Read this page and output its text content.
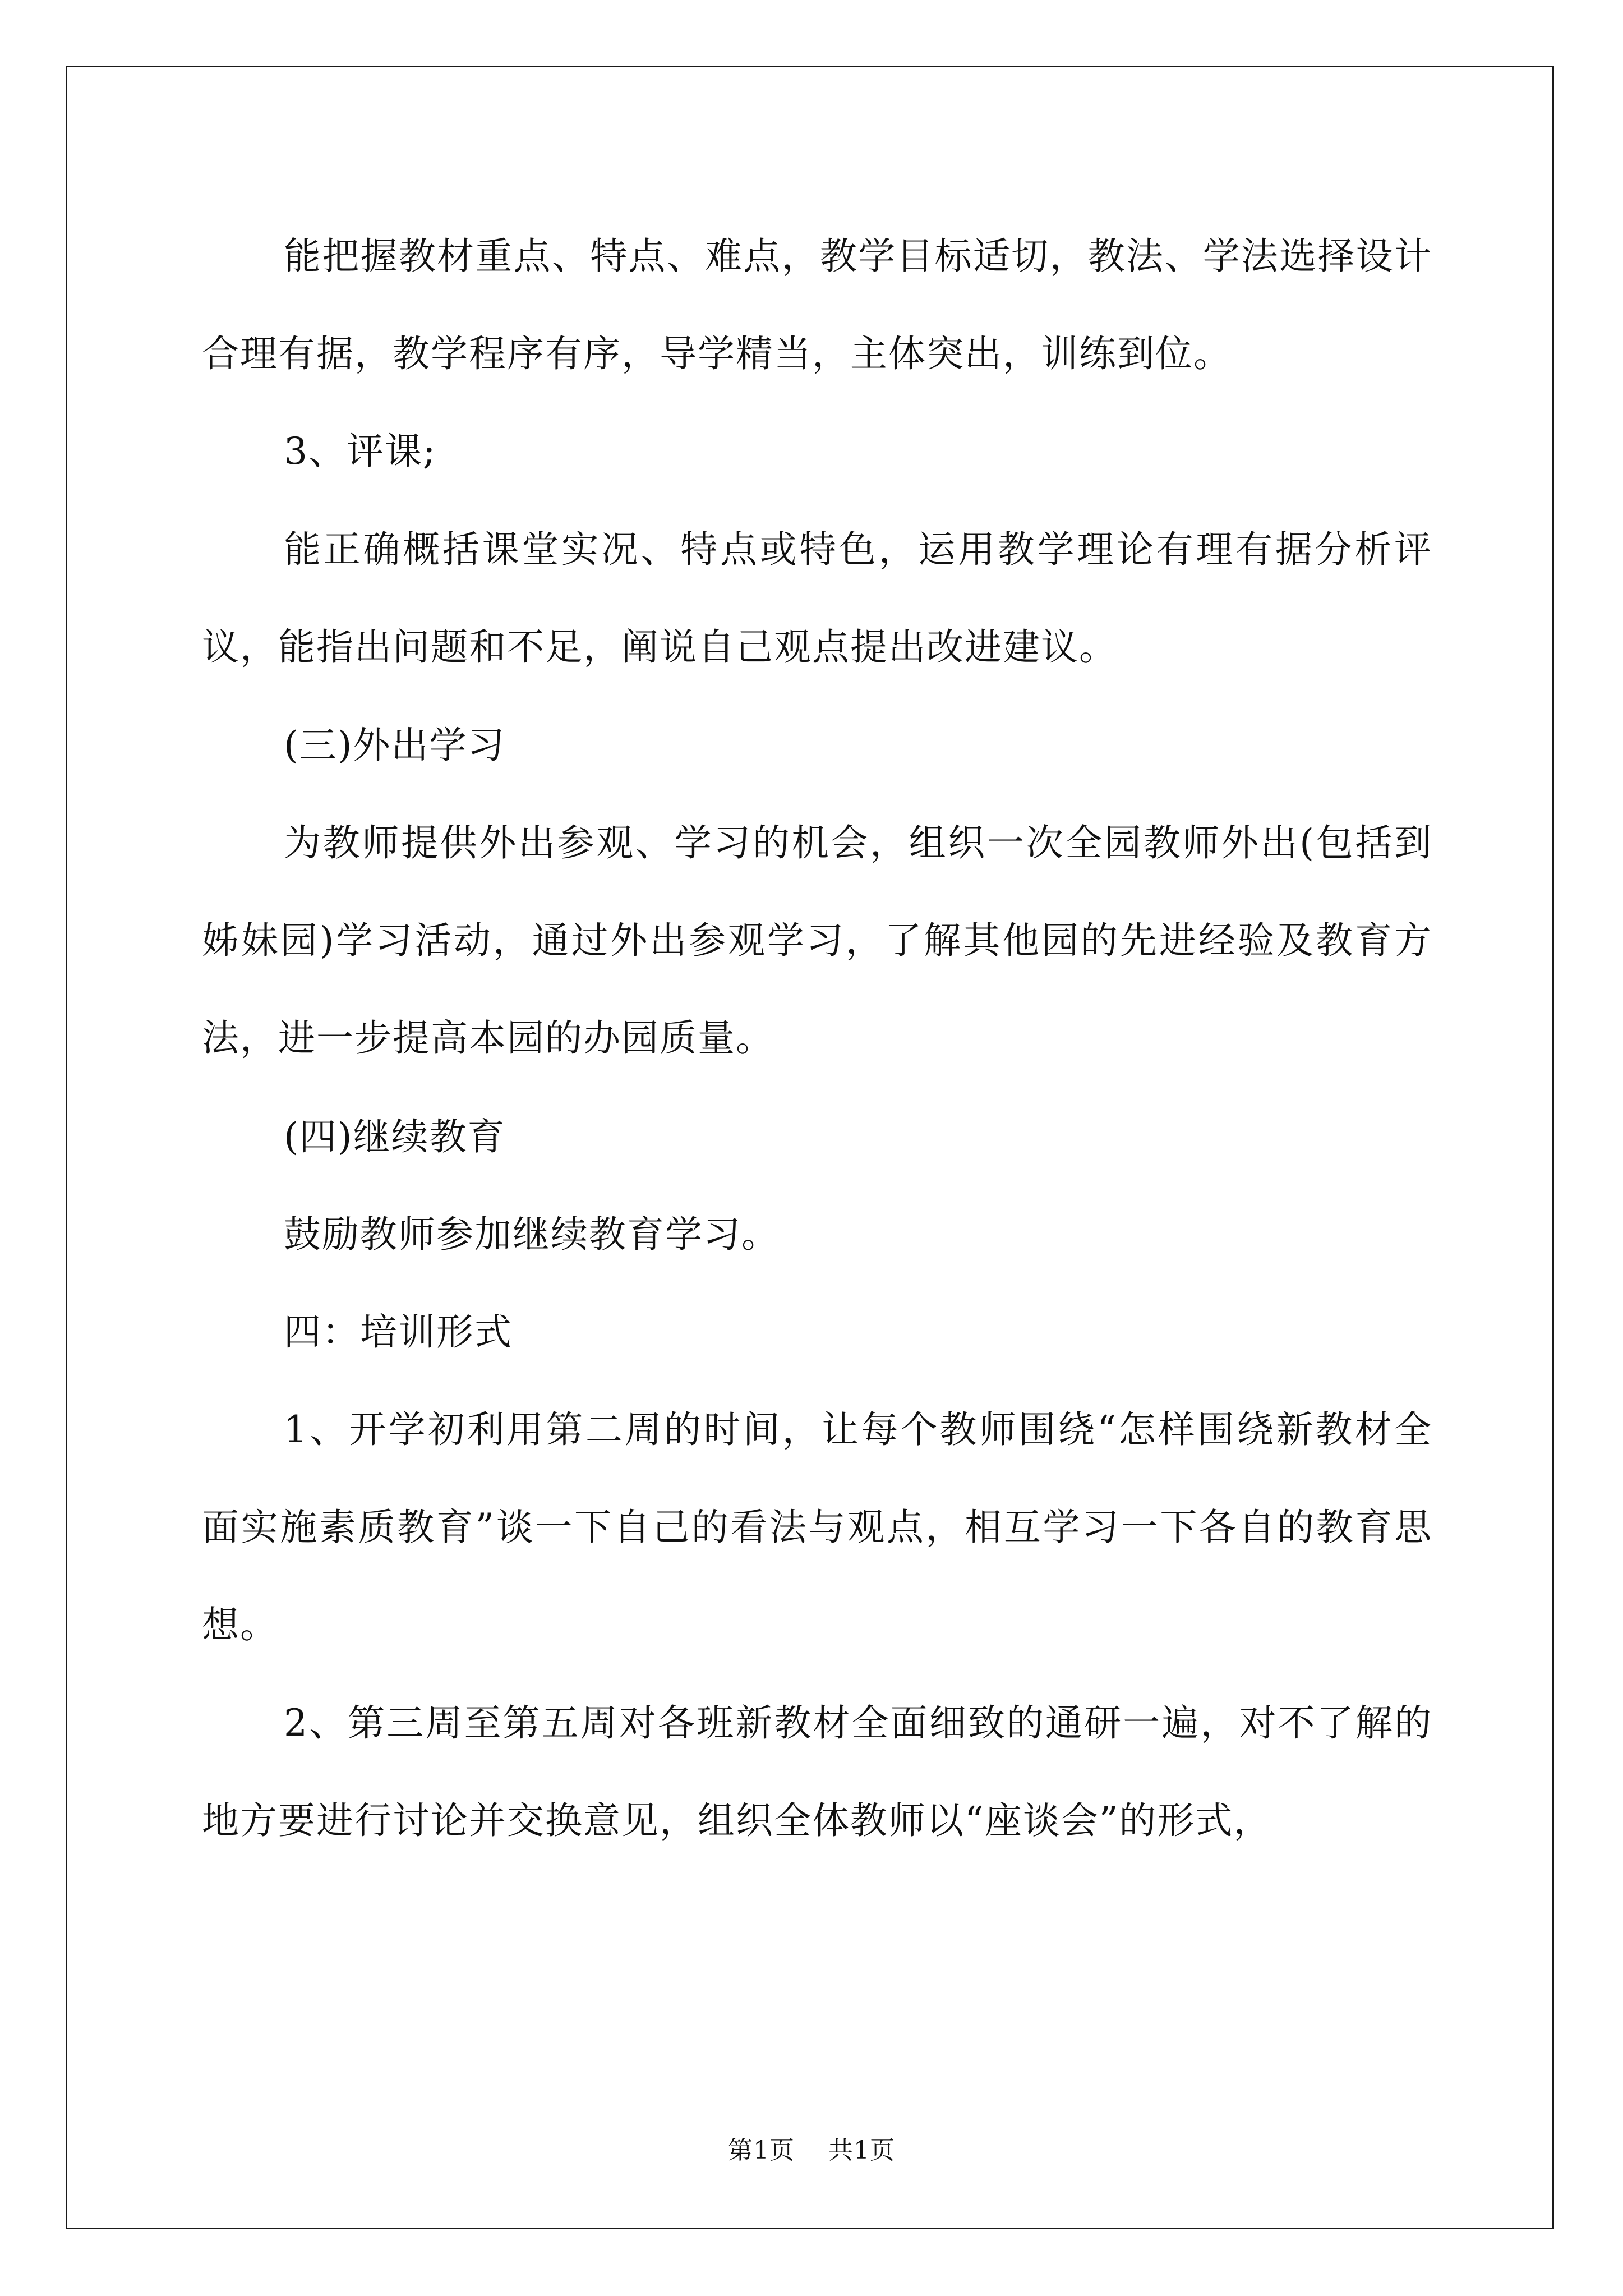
能把握教材重点、特点、难点，教学目标适切，教法、学法选择设计合理有据，教学程序有序，导学精当，主体突出，训练到位。

3、评课;

能正确概括课堂实况、特点或特色，运用教学理论有理有据分析评议，能指出问题和不足，阐说自己观点提出改进建议。

(三)外出学习

为教师提供外出参观、学习的机会，组织一次全园教师外出(包括到姊妹园)学习活动，通过外出参观学习，了解其他园的先进经验及教育方法，进一步提高本园的办园质量。

(四)继续教育

鼓励教师参加继续教育学习。

四：培训形式

1、开学初利用第二周的时间，让每个教师围绕“怎样围绕新教材全面实施素质教育”谈一下自己的看法与观点，相互学习一下各自的教育思想。

2、第三周至第五周对各班新教材全面细致的通研一遍，对不了解的地方要进行讨论并交换意见，组织全体教师以“座谈会”的形式，

第1页 共1页
